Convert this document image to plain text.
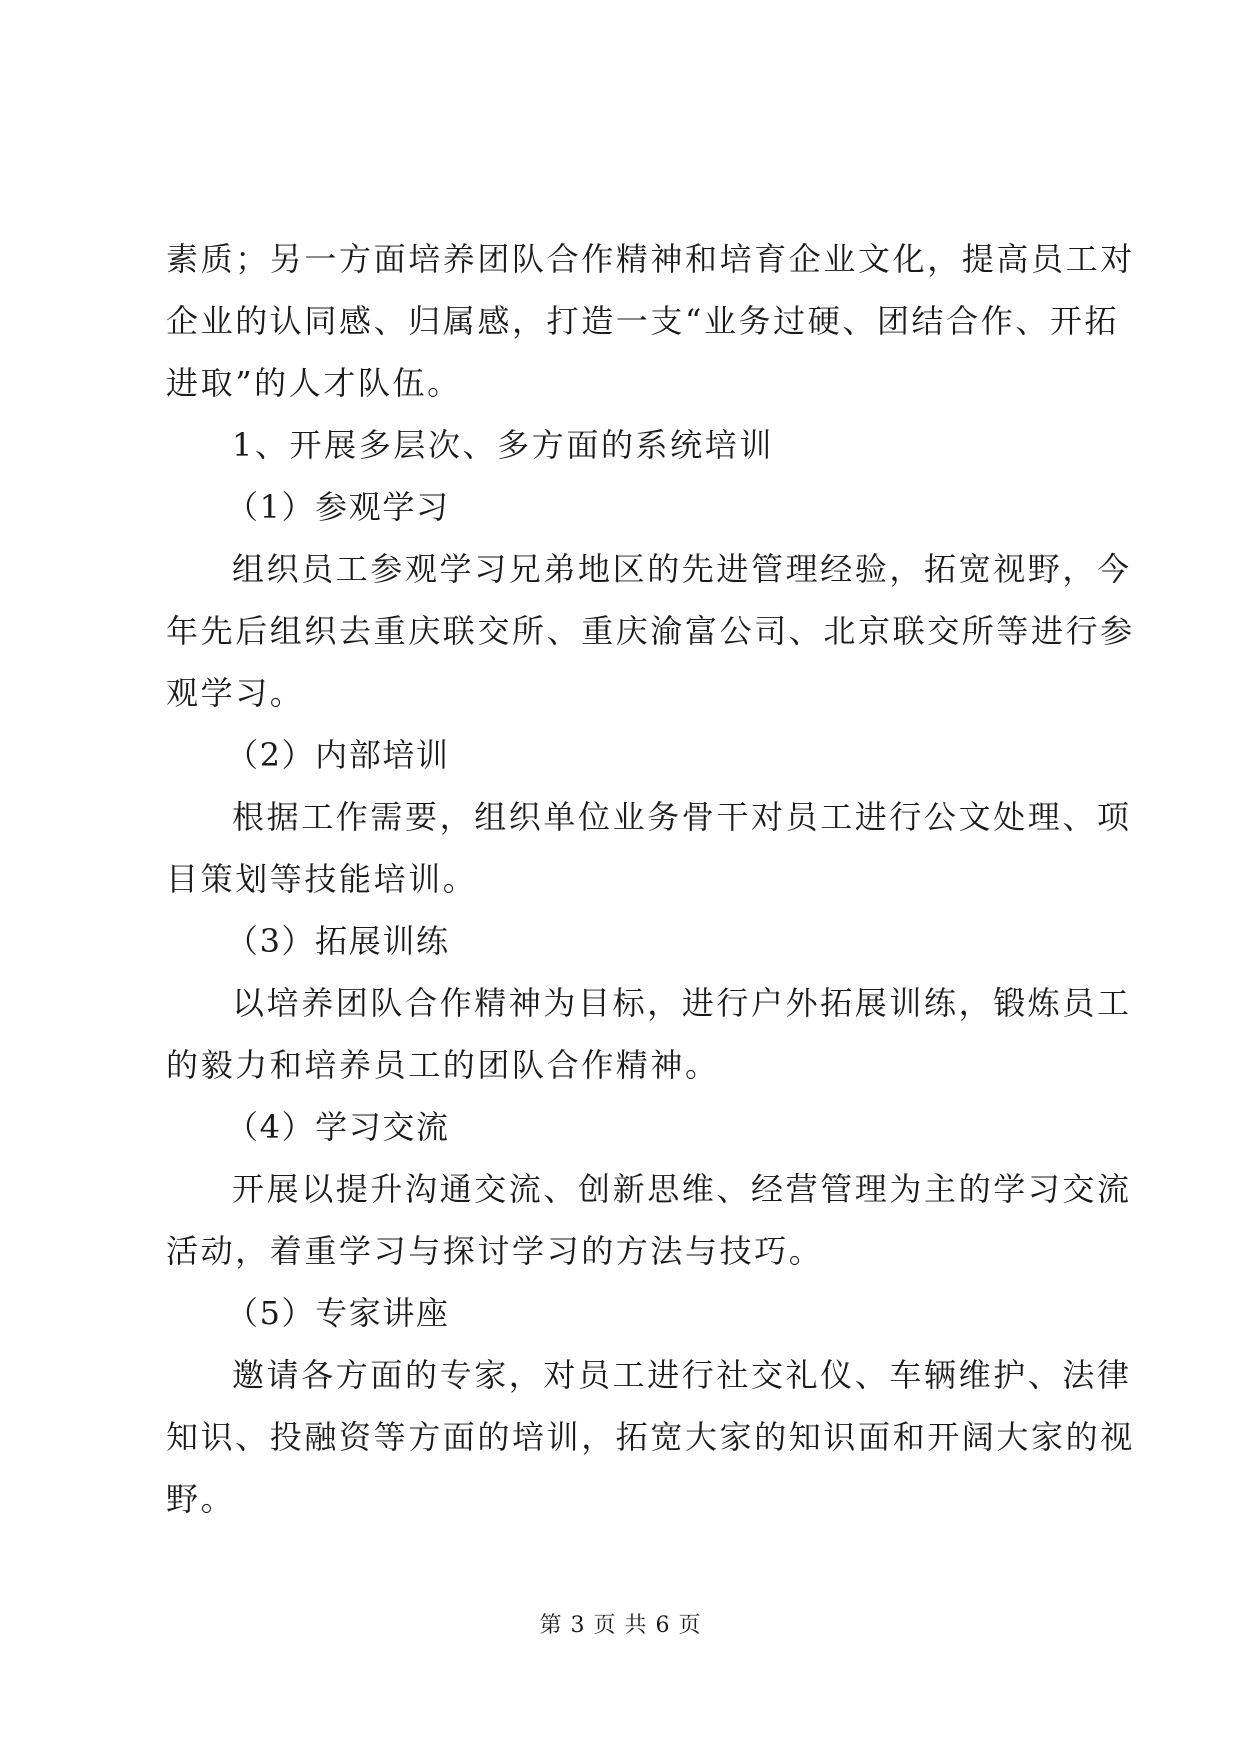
素质；另一方面培养团队合作精神和培育企业文化，提高员工对
企业的认同感、归属感，打造一支“业务过硬、团结合作、开拓
进取”的人才队伍。
1、开展多层次、多方面的系统培训
（1）参观学习
组织员工参观学习兄弟地区的先进管理经验，拓宽视野，今
年先后组织去重庆联交所、重庆渝富公司、北京联交所等进行参
观学习。
（2）内部培训
根据工作需要，组织单位业务骨干对员工进行公文处理、项
目策划等技能培训。
（3）拓展训练
以培养团队合作精神为目标，进行户外拓展训练，锻炼员工
的毅力和培养员工的团队合作精神。
（4）学习交流
开展以提升沟通交流、创新思维、经营管理为主的学习交流
活动，着重学习与探讨学习的方法与技巧。
（5）专家讲座
邀请各方面的专家，对员工进行社交礼仪、车辆维护、法律
知识、投融资等方面的培训，拓宽大家的知识面和开阔大家的视
野。
第 3 页 共 6 页
